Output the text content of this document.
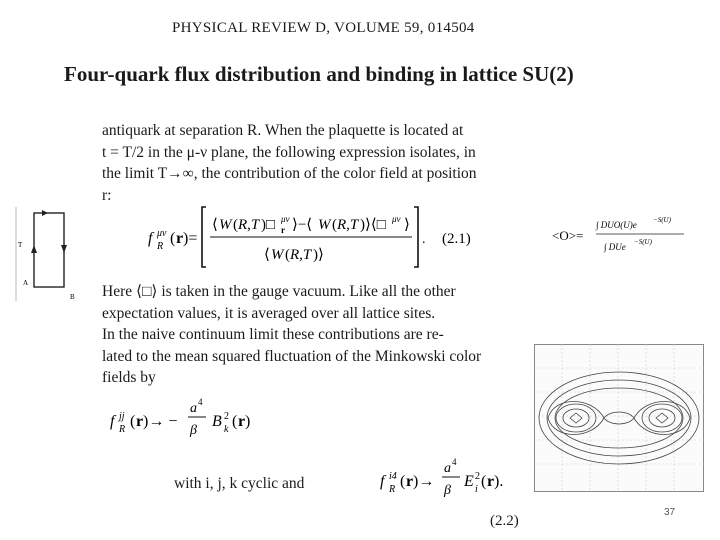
PHYSICAL REVIEW D, VOLUME 59, 014504
Four-quark flux distribution and binding in lattice SU(2)
antiquark at separation R. When the plaquette is located at
t = T/2 in the μ-ν plane, the following expression isolates, in
the limit T→∞, the contribution of the color field at position
r:
T
A
B
f μν
R ( r )=
⟨ W ( R,T )□ μν
r ⟩−⟨ W ( R,T )⟩⟨□ μν ⟩
⟨ W ( R,T )⟩
. (2.1)	<O>=
∫ DUO(U)e −S(U)
∫ DUe −S(U)
Here ⟨□⟩ is taken in the gauge vacuum. Like all the other
expectation values, it is averaged over all lattice sites.
In the naive continuum limit these contributions are re-
lated to the mean squared fluctuation of the Minkowski color
fields by
f jj
R ( r )→ −
a 4
β
B 2
k ( r )
with i, j, k cyclic and	f i4
R ( r )→
a 4
β
E 2
i ( r ).
(2.2)
37
